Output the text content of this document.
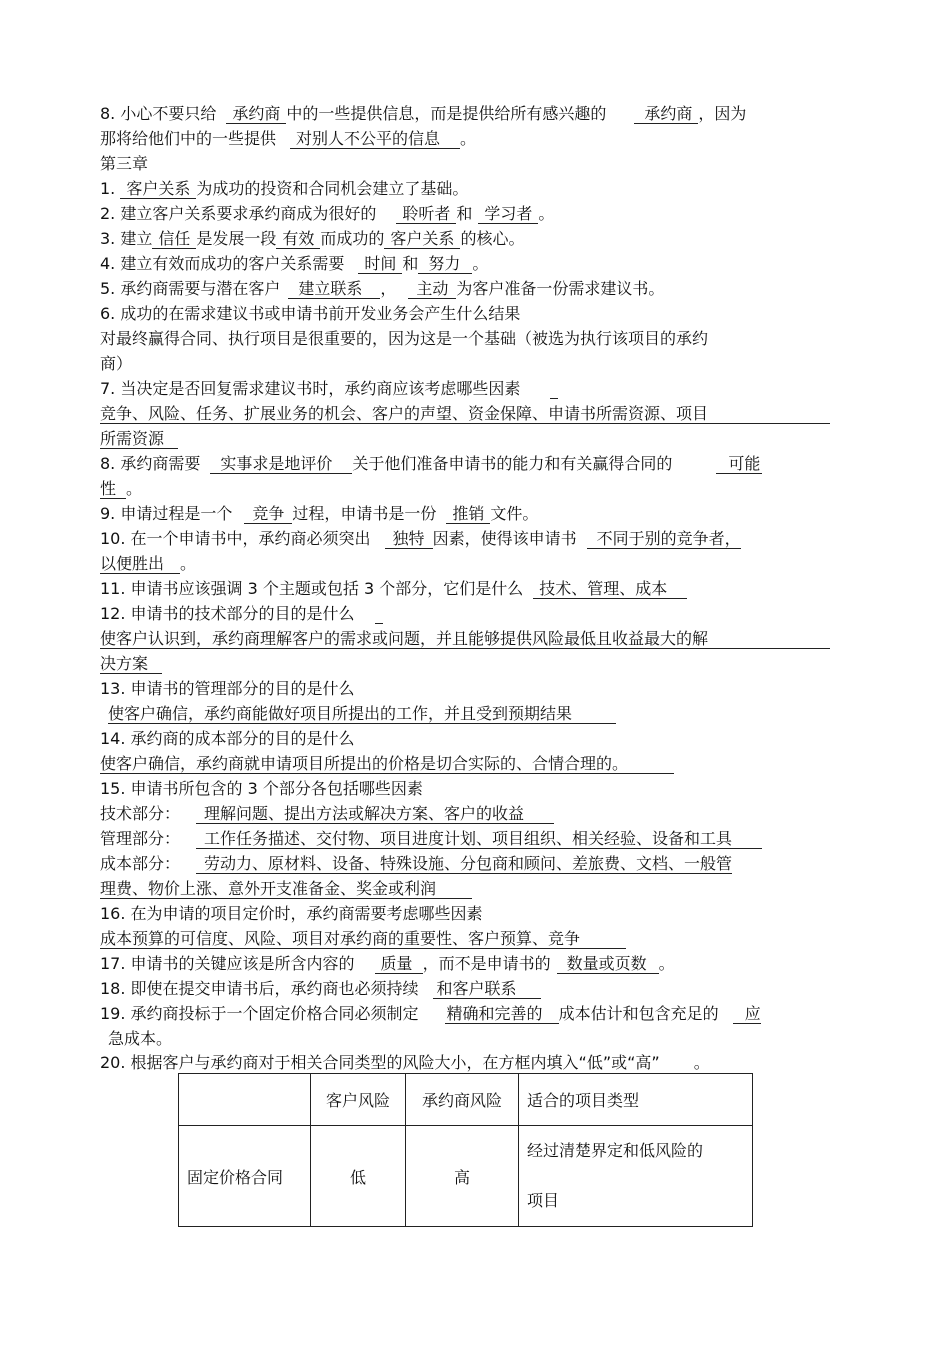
8. 小心不要只给 承约商 中的一些提供信息，而是提供给所有感兴趣的 承约商 ，因为
那将给他们中的一些提供 对别人不公平的信息 。
第三章
1. 客户关系 为成功的投资和合同机会建立了基础。
2. 建立客户关系要求承约商成为很好的 聆听者 和 学习者 。
3. 建立 信任 是发展一段 有效 而成功的 客户关系 的核心。
4. 建立有效而成功的客户关系需要 时间 和 努力 。
5. 承约商需要与潜在客户 建立联系 ， 主动 为客户准备一份需求建议书。
6. 成功的在需求建议书或申请书前开发业务会产生什么结果
对最终赢得合同、执行项目是很重要的，因为这是一个基础（被选为执行该项目的承约
商）
7. 当决定是否回复需求建议书时，承约商应该考虑哪些因素
竞争、风险、任务、扩展业务的机会、客户的声望、资金保障、申请书所需资源、项目
所需资源
8. 承约商需要 实事求是地评价 关于他们准备申请书的能力和有关赢得合同的	可能
性 。
9. 申请过程是一个 竞争 过程，申请书是一份 推销 文件。
10. 在一个申请书中，承约商必须突出 独特 因素，使得该申请书 不同于别的竞争者，
以便胜出 。
11. 申请书应该强调 3 个主题或包括 3 个部分，它们是什么 技术、管理、成本
12. 申请书的技术部分的目的是什么
使客户认识到，承约商理解客户的需求或问题，并且能够提供风险最低且收益最大的解
决方案
13. 申请书的管理部分的目的是什么
使客户确信，承约商能做好项目所提出的工作，并且受到预期结果
14. 承约商的成本部分的目的是什么
使客户确信，承约商就申请项目所提出的价格是切合实际的、合情合理的。
15. 申请书所包含的 3 个部分各包括哪些因素
技术部分： 理解问题、提出方法或解决方案、客户的收益
管理部分： 工作任务描述、交付物、项目进度计划、项目组织、相关经验、设备和工具
成本部分： 劳动力、原材料、设备、特殊设施、分包商和顾问、差旅费、文档、一般管
理费、物价上涨、意外开支准备金、奖金或利润
16. 在为申请的项目定价时，承约商需要考虑哪些因素
成本预算的可信度、风险、项目对承约商的重要性、客户预算、竞争
17. 申请书的关键应该是所含内容的 质量 ，而不是申请书的 数量或页数 。
18. 即使在提交申请书后，承约商也必须持续 和客户联系
19. 承约商投标于一个固定价格合同必须制定 精确和完善的 成本估计和包含充足的 应
急成本。
20. 根据客户与承约商对于相关合同类型的风险大小，在方框内填入“低”或“高” 。
	客户风险	承约商风险	适合的项目类型
固定价格合同	低	高	经过清楚界定和低风险的
项目
